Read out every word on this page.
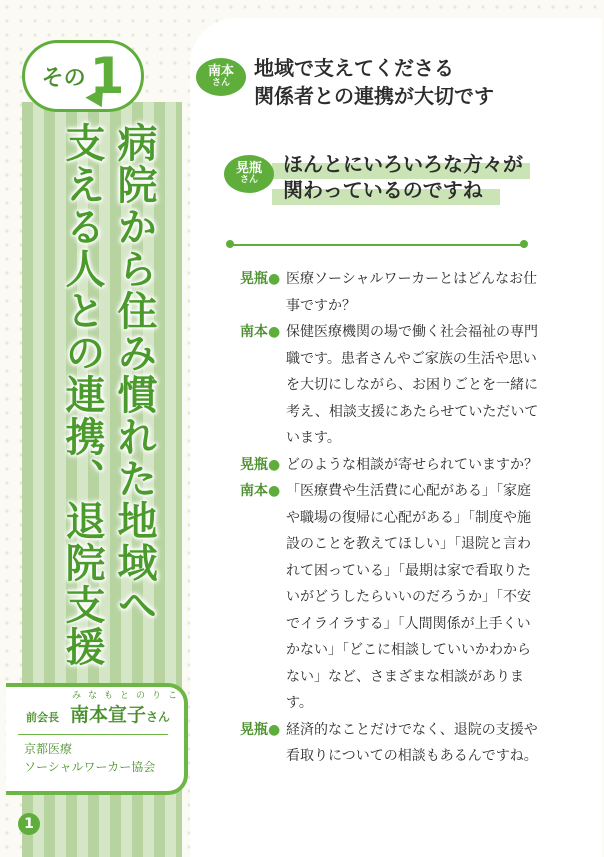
その 1
病院から住み慣れた地域へ
支える人との連携、退院支援
みなもとのりこ
前会長 南本宣子さん
京都医療
ソーシャルワーカー協会
1
南本
さん
地域で支えてくださる
関係者との連携が大切です
晃瓶
さん
ほんとにいろいろな方々が
関わっているのですね
晃瓶● 医療ソーシャルワーカーとはどんなお仕事ですか？
南本● 保健医療機関の場で働く社会福祉の専門職です。患者さんやご家族の生活や思いを大切にしながら、お困りごとを一緒に考え、相談支援にあたらせていただいています。
晃瓶● どのような相談が寄せられていますか？
南本● 「医療費や生活費に心配がある」「家庭や職場の復帰に心配がある」「制度や施設のことを教えてほしい」「退院と言われて困っている」「最期は家で看取りたいがどうしたらいいのだろうか」「不安でイライラする」「人間関係が上手くいかない」「どこに相談していいかわからない」など、さまざまな相談があります。
晃瓶● 経済的なことだけでなく、退院の支援や看取りについての相談もあるんですね。
